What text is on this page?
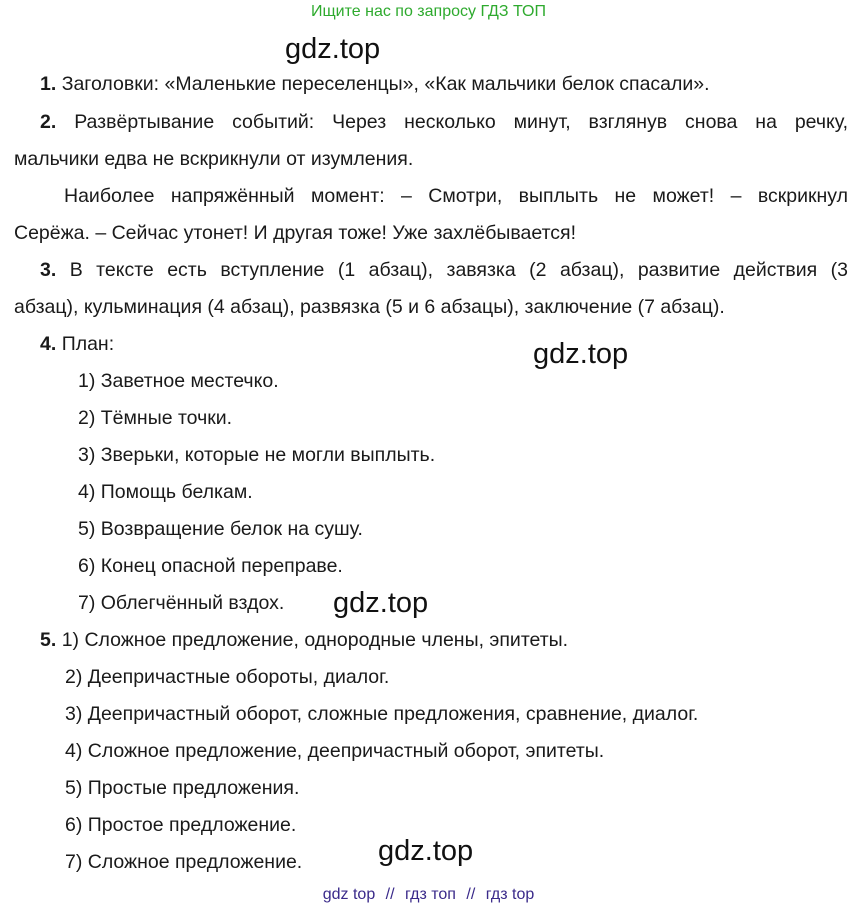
Ищите нас по запросу ГДЗ ТОП
gdz.top
gdz.top
gdz.top
gdz.top
1. Заголовки: «Маленькие переселенцы», «Как мальчики белок спасали».
2. Развёртывание событий: Через несколько минут, взглянув снова на речку,
мальчики едва не вскрикнули от изумления.
Наиболее напряжённый момент: – Смотри, выплыть не может! – вскрикнул
Серёжа. – Сейчас утонет! И другая тоже! Уже захлёбывается!
3. В тексте есть вступление (1 абзац), завязка (2 абзац), развитие действия (3
абзац), кульминация (4 абзац), развязка (5 и 6 абзацы), заключение (7 абзац).
4. План:
1) Заветное местечко.
2) Тёмные точки.
3) Зверьки, которые не могли выплыть.
4) Помощь белкам.
5) Возвращение белок на сушу.
6) Конец опасной переправе.
7) Облегчённый вздох.
5. 1) Сложное предложение, однородные члены, эпитеты.
2) Деепричастные обороты, диалог.
3) Деепричастный оборот, сложные предложения, сравнение, диалог.
4) Сложное предложение, деепричастный оборот, эпитеты.
5) Простые предложения.
6) Простое предложение.
7) Сложное предложение.
gdz top // гдз топ // гдз top
